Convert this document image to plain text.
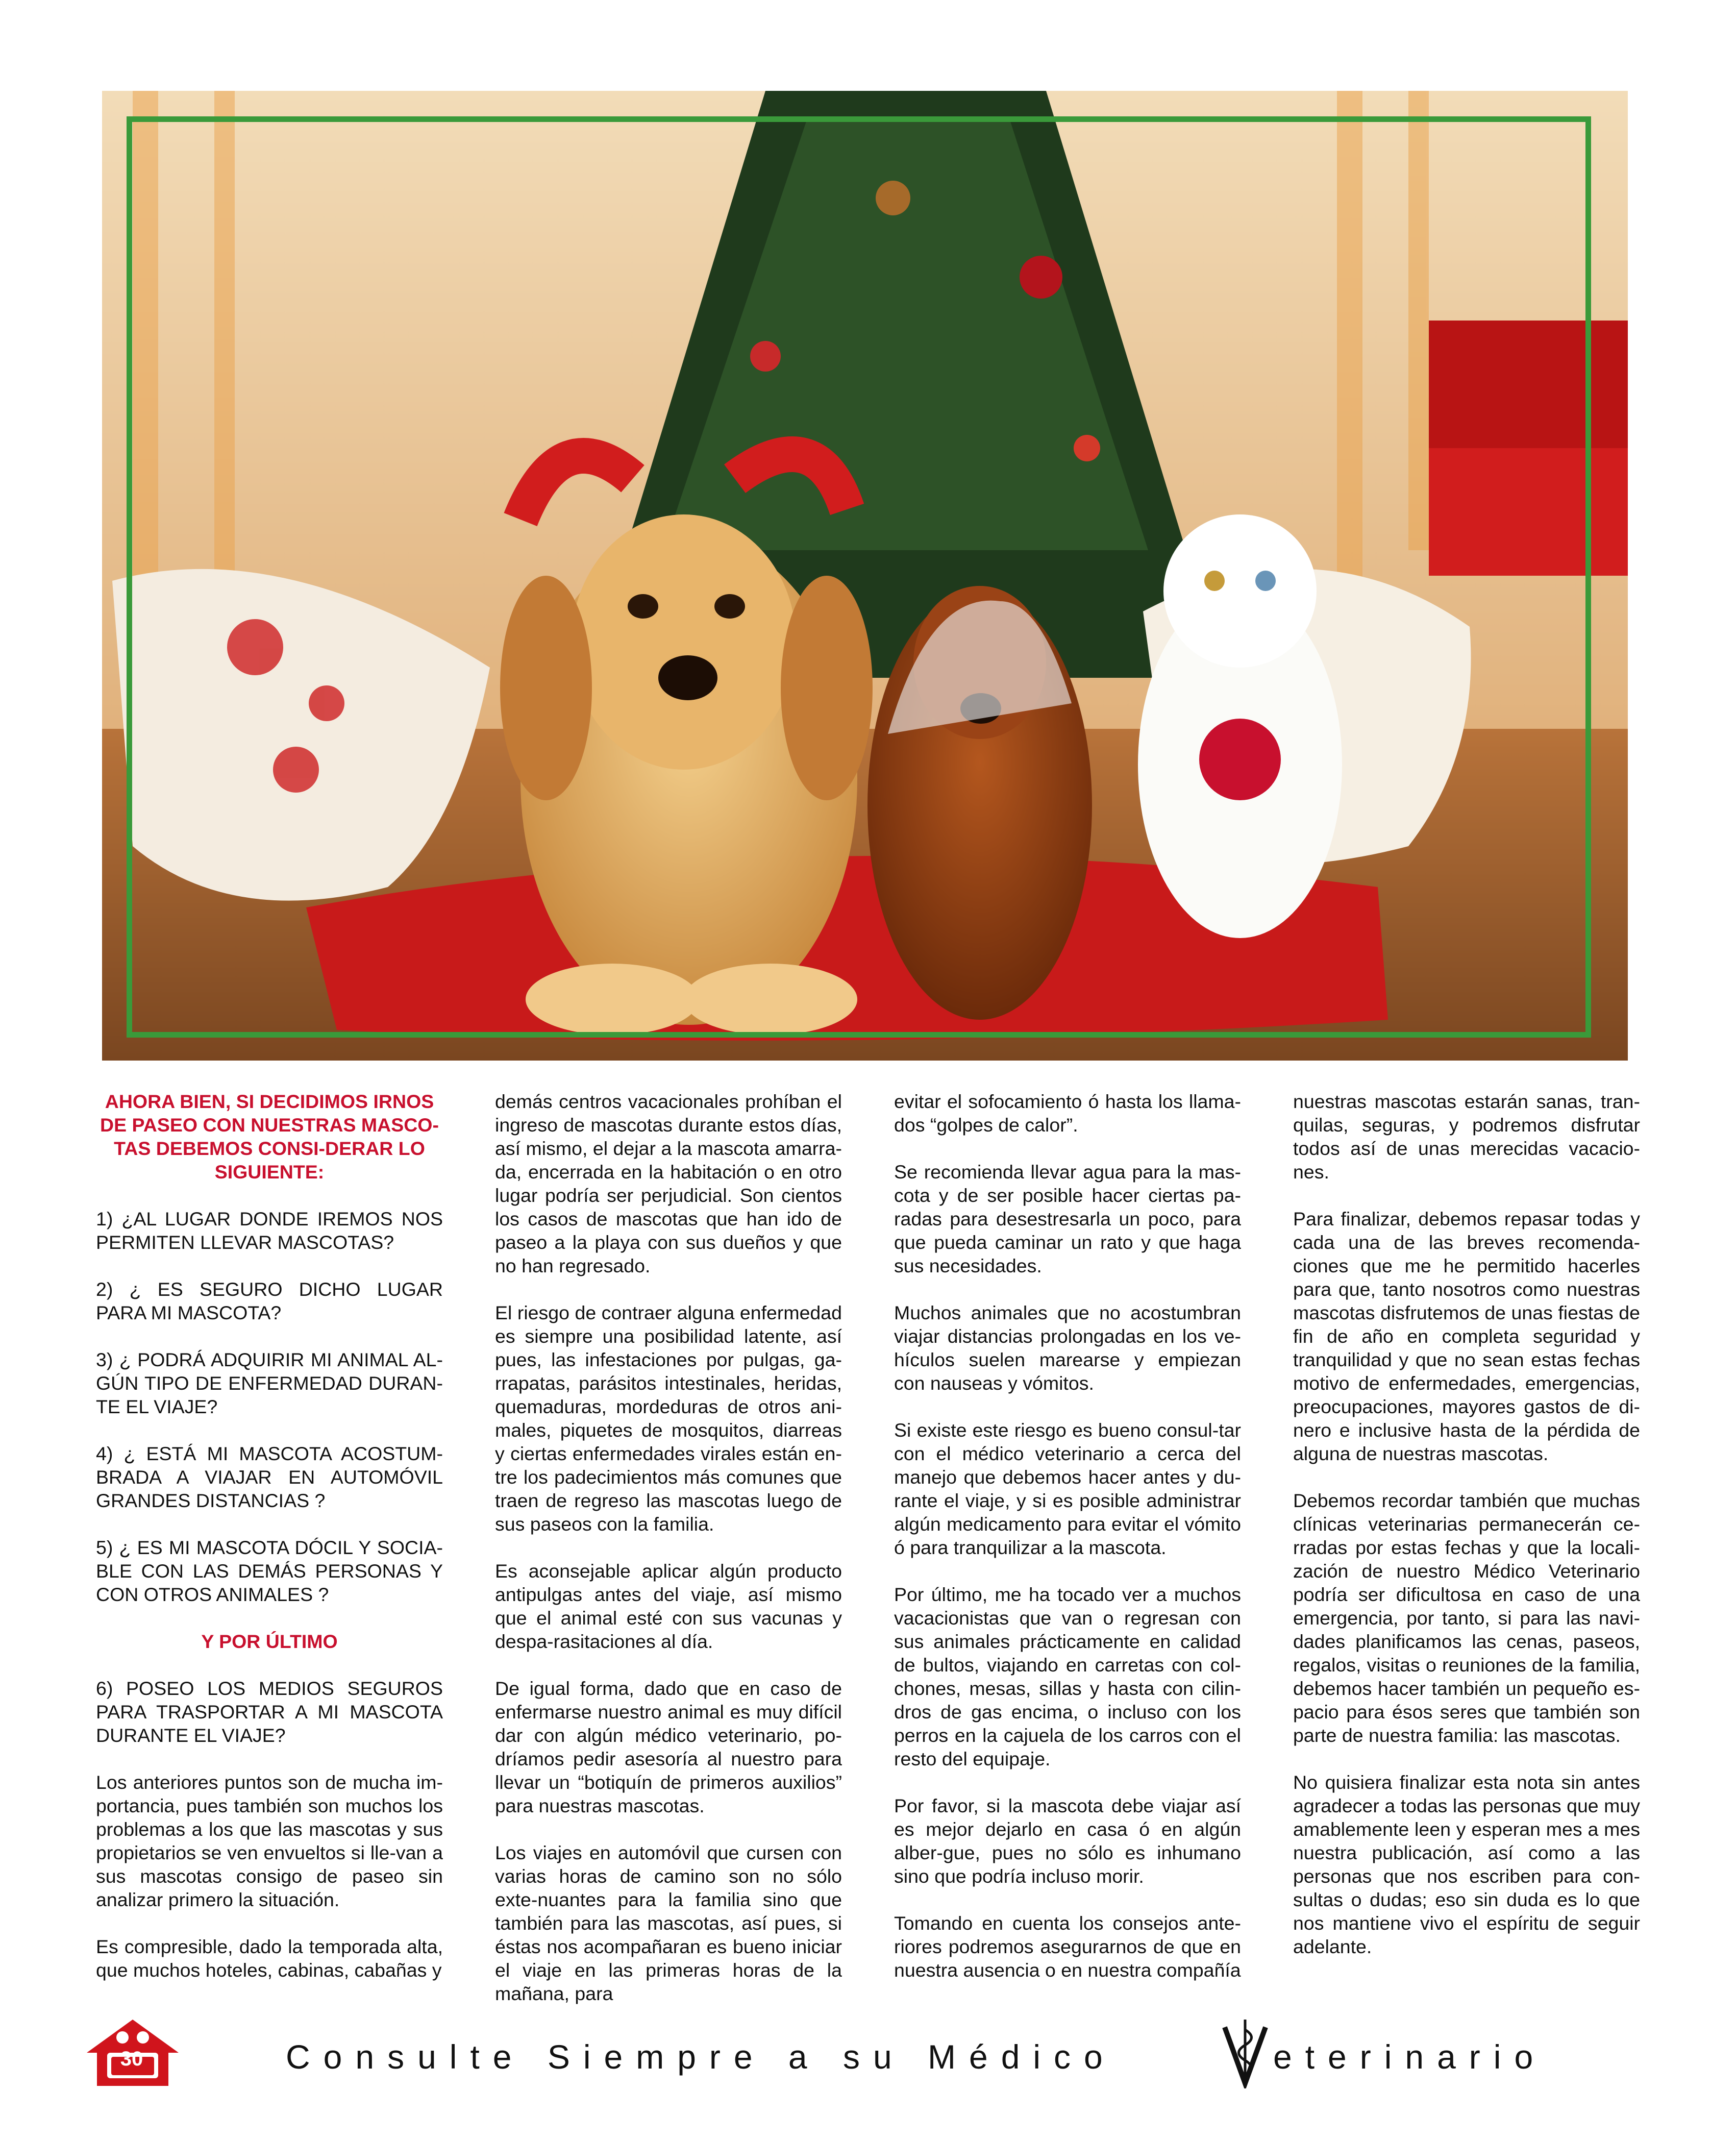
AHORA BIEN, SI DECIDIMOS IRNOS DE PASEO CON NUESTRAS MASCO-TAS DEBEMOS CONSI-DERAR LO SIGUIENTE:

1) ¿AL LUGAR DONDE IREMOS NOS PERMITEN LLEVAR MASCOTAS?

2) ¿ ES SEGURO DICHO LUGAR PARA MI MASCOTA?

3) ¿ PODRÁ ADQUIRIR MI ANIMAL AL-GÚN TIPO DE ENFERMEDAD DURAN-TE EL VIAJE?

4) ¿ ESTÁ MI MASCOTA ACOSTUM-BRADA A VIAJAR EN AUTOMÓVIL GRANDES DISTANCIAS ?

5) ¿ ES MI MASCOTA DÓCIL Y SOCIA-BLE CON LAS DEMÁS PERSONAS Y CON OTROS ANIMALES ?

Y POR ÚLTIMO

6) POSEO LOS MEDIOS SEGUROS PARA TRASPORTAR A MI MASCOTA DURANTE EL VIAJE?

Los anteriores puntos son de mucha im-portancia, pues también son muchos los problemas a los que las mascotas y sus propietarios se ven envueltos si lle-van a sus mascotas consigo de paseo sin analizar primero la situación.

Es compresible, dado la temporada alta, que muchos hoteles, cabinas, cabañas y

demás centros vacacionales prohíban el ingreso de mascotas durante estos días, así mismo, el dejar a la mascota amarra-da, encerrada en la habitación o en otro lugar podría ser perjudicial. Son cientos los casos de mascotas que han ido de paseo a la playa con sus dueños y que no han regresado.

El riesgo de contraer alguna enfermedad es siempre una posibilidad latente, así pues, las infestaciones por pulgas, ga-rrapatas, parásitos intestinales, heridas, quemaduras, mordeduras de otros ani-males, piquetes de mosquitos, diarreas y ciertas enfermedades virales están en-tre los padecimientos más comunes que traen de regreso las mascotas luego de sus paseos con la familia.

Es aconsejable aplicar algún producto antipulgas antes del viaje, así mismo que el animal esté con sus vacunas y despa-rasitaciones al día.

De igual forma, dado que en caso de enfermarse nuestro animal es muy difícil dar con algún médico veterinario, po-dríamos pedir asesoría al nuestro para llevar un “botiquín de primeros auxilios” para nuestras mascotas.

Los viajes en automóvil que cursen con varias horas de camino son no sólo exte-nuantes para la familia sino que también para las mascotas, así pues, si éstas nos acompañaran es bueno iniciar el viaje en las primeras horas de la mañana, para

evitar el sofocamiento ó hasta los llama-dos “golpes de calor”.

Se recomienda llevar agua para la mas-cota y de ser posible hacer ciertas pa-radas para desestresarla un poco, para que pueda caminar un rato y que haga sus necesidades.

Muchos animales que no acostumbran viajar distancias prolongadas en los ve-hículos suelen marearse y empiezan con nauseas y vómitos.

Si existe este riesgo es bueno consul-tar con el médico veterinario a cerca del manejo que debemos hacer antes y du-rante el viaje, y si es posible administrar algún medicamento para evitar el vómito ó para tranquilizar a la mascota.

Por último, me ha tocado ver a muchos vacacionistas que van o regresan con sus animales prácticamente en calidad de bultos, viajando en carretas con col-chones, mesas, sillas y hasta con cilin-dros de gas encima, o incluso con los perros en la cajuela de los carros con el resto del equipaje.

Por favor, si la mascota debe viajar así es mejor dejarlo en casa ó en algún alber-gue, pues no sólo es inhumano sino que podría incluso morir.

Tomando en cuenta los consejos ante-riores podremos asegurarnos de que en nuestra ausencia o en nuestra compañía

nuestras mascotas estarán sanas, tran-quilas, seguras, y podremos disfrutar todos así de unas merecidas vacacio-nes.

Para finalizar, debemos repasar todas y cada una de las breves recomenda-ciones que me he permitido hacerles para que, tanto nosotros como nuestras mascotas disfrutemos de unas fiestas de fin de año en completa seguridad y tranquilidad y que no sean estas fechas motivo de enfermedades, emergencias, preocupaciones, mayores gastos de di-nero e inclusive hasta de la pérdida de alguna de nuestras mascotas.

Debemos recordar también que muchas clínicas veterinarias permanecerán ce-rradas por estas fechas y que la locali-zación de nuestro Médico Veterinario podría ser dificultosa en caso de una emergencia, por tanto, si para las navi-dades planificamos las cenas, paseos, regalos, visitas o reuniones de la familia, debemos hacer también un pequeño es-pacio para ésos seres que también son parte de nuestra familia: las mascotas.

No quisiera finalizar esta nota sin antes agradecer a todas las personas que muy amablemente leen y esperan mes a mes nuestra publicación, así como a las personas que nos escriben para con-sultas o dudas; eso sin duda es lo que nos mantiene vivo el espíritu de seguir adelante.

30	Consulte Siempre a su Médico	eterinario
